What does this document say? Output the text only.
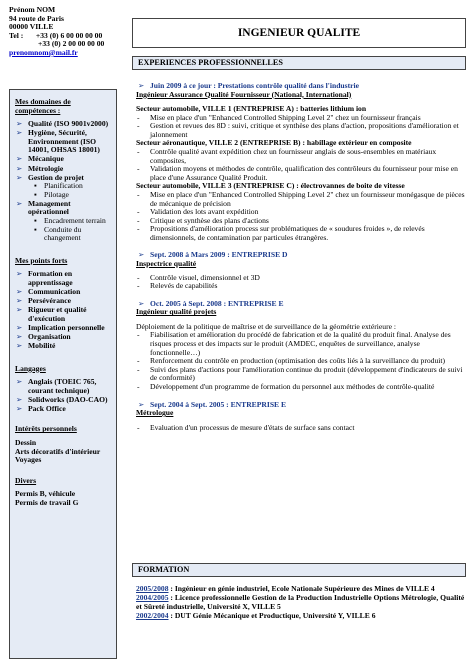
Prénom NOM
94 route de Paris
00000 VILLE
Tel : +33 (0) 6 00 00 00 00
+33 (0) 2 00 00 00 00
prenomnom@mail.fr
Mes domaines de compétences :
➢ Qualité (ISO 9001v2000)
➢ Hygiène, Sécurité, Environnement (ISO 14001, OHSAS 18001)
➢ Mécanique
➢ Métrologie
➢ Gestion de projet
▪ Planification
▪ Pilotage
➢ Management opérationnel
▪ Encadrement terrain
▪ Conduite du changement
Mes points forts
➢ Formation en apprentissage
➢ Communication
➢ Persévérance
➢ Rigueur et qualité d'exécution
➢ Implication personnelle
➢ Organisation
➢ Mobilité
Langages
➢ Anglais (TOEIC 765, courant technique)
➢ Solidworks (DAO-CAO)
➢ Pack Office
Intérêts personnels
Dessin
Arts décoratifs d'intérieur
Voyages
Divers
Permis B, véhicule
Permis de travail G
INGENIEUR QUALITE
EXPERIENCES PROFESSIONNELLES

➢ Juin 2009 à ce jour : Prestations contrôle qualité dans l'industrie

Ingénieur Assurance Qualité Fournisseur (National, International)

Secteur automobile, VILLE 1 (ENTREPRISE A) : batteries lithium ion

- Mise en place d'un "Enhanced Controlled Shipping Level 2" chez un fournisseur français
- Gestion et revues des 8D : suivi, critique et synthèse des plans d'action, propositions d'amélioration et jalonnement

Secteur aéronautique, VILLE 2 (ENTREPRISE B) : habillage extérieur en composite

- Contrôle qualité avant expédition chez un fournisseur anglais de sous-ensembles en matériaux composites,
- Validation moyens et méthodes de contrôle, qualification des contrôleurs du fournisseur pour mise en place d'une Assurance Qualité Produit.

Secteur automobile, VILLE 3 (ENTREPRISE C) : électrovannes de boite de vitesse

- Mise en place d'un "Enhanced Controlled Shipping Level 2" chez un fournisseur monégasque de pièces de mécanique de précision
- Validation des lots avant expédition
- Critique et synthèse des plans d'actions
- Propositions d'amélioration process sur problématiques de « soudures froides », de relevés dimensionnels, de contamination par particules étrangères.

➢ Sept. 2008 à Mars 2009 : ENTREPRISE D

Inspectrice qualité

- Contrôle visuel, dimensionnel et 3D
- Relevés de capabilités

➢ Oct. 2005 à Sept. 2008 : ENTREPRISE E

Ingénieur qualité projets

Déploiement de la politique de maîtrise et de surveillance de la géométrie extérieure :

- Fiabilisation et amélioration du procédé de fabrication et de la qualité du produit final. Analyse des risques process et des impacts sur le produit (AMDEC, enquêtes de surveillance, analyse fonctionnelle…)
- Renforcement du contrôle en production (optimisation des coûts liés à la surveillance du produit)
- Suivi des plans d'actions pour l'amélioration continue du produit (développement d'indicateurs de suivi de conformité)
- Développement d'un programme de formation du personnel aux méthodes de contrôle-qualité

➢ Sept. 2004 à Sept. 2005 : ENTREPRISE E

Métrologue

- Evaluation d'un processus de mesure d'états de surface sans contact
FORMATION

2005/2008 : Ingénieur en génie industriel, Ecole Nationale Supérieure des Mines de VILLE 4

2004/2005 : Licence professionnelle Gestion de la Production Industrielle Options Métrologie, Qualité et Sûreté industrielle, Université X, VILLE 5

2002/2004 : DUT Génie Mécanique et Productique, Université Y, VILLE 6
